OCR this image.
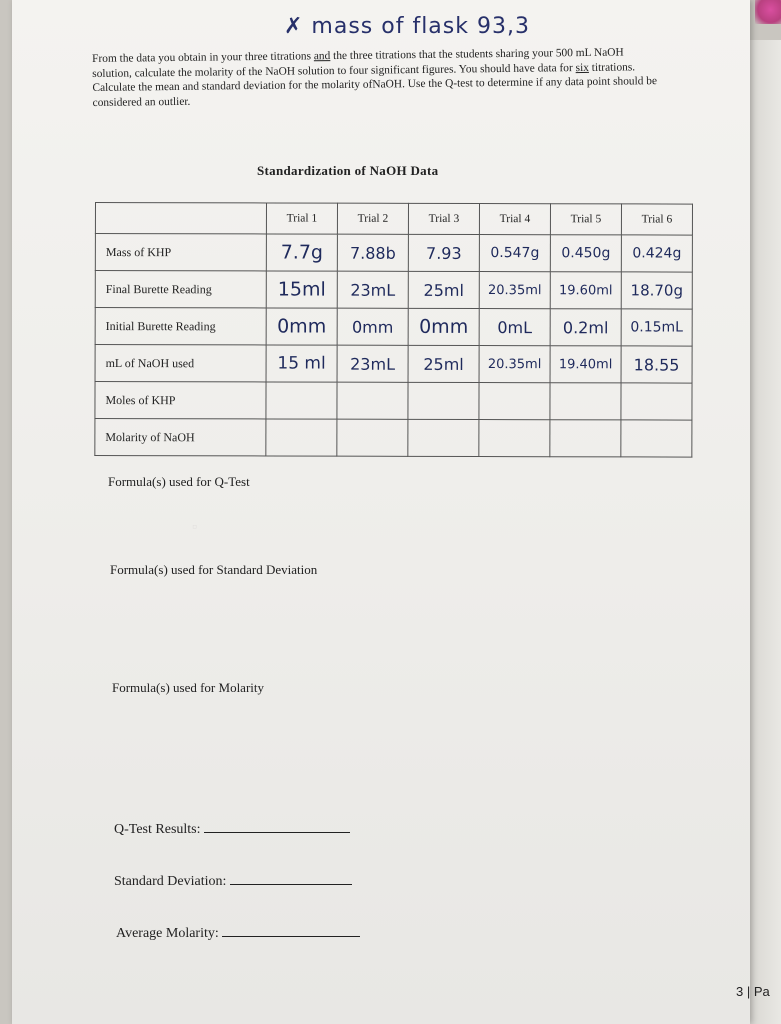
▫
✗ mass of flask 93,3
From the data you obtain in your three titrations and the three titrations that the students sharing your 500 mL NaOH solution, calculate the molarity of the NaOH solution to four significant figures. You should have data for six titrations. Calculate the mean and standard deviation for the molarity ofNaOH. Use the Q-test to determine if any data point should be considered an outlier.
Standardization of NaOH Data
	Trial 1	Trial 2	Trial 3	Trial 4	Trial 5	Trial 6
Mass of KHP	7.7g	7.88b	7.93	0.547g	0.450g	0.424g
Final Burette Reading	15ml	23mL	25ml	20.35ml	19.60ml	18.70g
Initial Burette Reading	0mm	0mm	0mm	0mL	0.2ml	0.15mL
mL of NaOH used	15 ml	23mL	25ml	20.35ml	19.40ml	18.55
Moles of KHP						
Molarity of NaOH						
Formula(s) used for Q-Test
Formula(s) used for Standard Deviation
Formula(s) used for Molarity
Q-Test Results:
Standard Deviation:
Average Molarity:
3 | Pa
